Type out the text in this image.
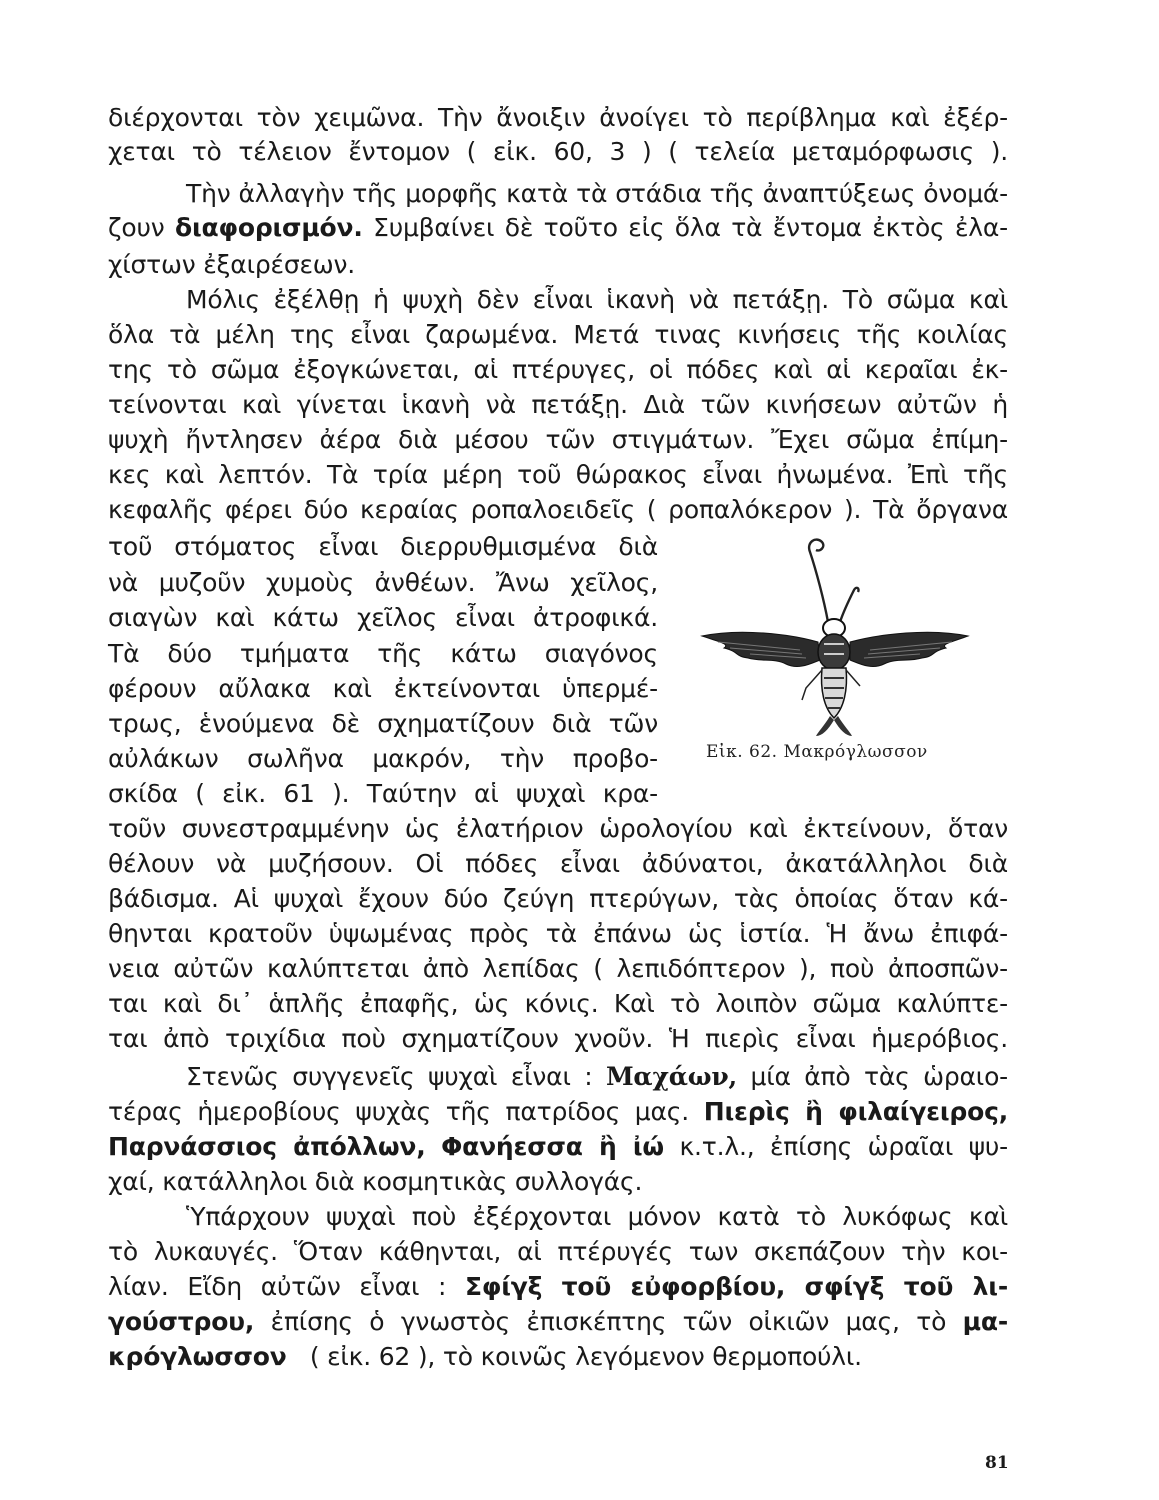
διέρχονται τὸν χειμῶνα. Τὴν ἄνοιξιν ἀνοίγει τὸ περίβλημα καὶ ἐξέρ-

χεται τὸ τέλειον ἔντομον ( εἰκ. 60, 3 ) ( τελεία μεταμόρφωσις ).

Τὴν ἀλλαγὴν τῆς μορφῆς κατὰ τὰ στάδια τῆς ἀναπτύξεως ὀνομά-

ζουν διαφορισμόν. Συμβαίνει δὲ τοῦτο εἰς ὅλα τὰ ἔντομα ἐκτὸς ἐλα-

χίστων ἐξαιρέσεων.

Μόλις ἐξέλθῃ ἡ ψυχὴ δὲν εἶναι ἱκανὴ νὰ πετάξῃ. Τὸ σῶμα καὶ

ὅλα τὰ μέλη της εἶναι ζαρωμένα. Μετά τινας κινήσεις τῆς κοιλίας

της τὸ σῶμα ἐξογκώνεται, αἱ πτέρυγες, οἱ πόδες καὶ αἱ κεραῖαι ἐκ-

τείνονται καὶ γίνεται ἱκανὴ νὰ πετάξῃ. Διὰ τῶν κινήσεων αὐτῶν ἡ

ψυχὴ ἤντλησεν ἀέρα διὰ μέσου τῶν στιγμάτων. Ἔχει σῶμα ἐπίμη-

κες καὶ λεπτόν. Τὰ τρία μέρη τοῦ θώρακος εἶναι ἠνωμένα. Ἐπὶ τῆς

κεφαλῆς φέρει δύο κεραίας ροπαλοειδεῖς ( ροπαλόκερον ). Τὰ ὄργανα

τοῦ στόματος εἶναι διερρυθμισμένα διὰ

νὰ μυζοῦν χυμοὺς ἀνθέων. Ἄνω χεῖλος,

σιαγὼν καὶ κάτω χεῖλος εἶναι ἀτροφικά.

Τὰ δύο τμήματα τῆς κάτω σιαγόνος

φέρουν αὔλακα καὶ ἐκτείνονται ὑπερμέ-

τρως, ἑνούμενα δὲ σχηματίζουν διὰ τῶν

αὐλάκων σωλῆνα μακρόν, τὴν προβο-

σκίδα ( εἰκ. 61 ). Ταύτην αἱ ψυχαὶ κρα-

τοῦν συνεστραμμένην ὡς ἐλατήριον ὡρολογίου καὶ ἐκτείνουν, ὅταν

θέλουν νὰ μυζήσουν. Οἱ πόδες εἶναι ἀδύνατοι, ἀκατάλληλοι διὰ

βάδισμα. Αἱ ψυχαὶ ἔχουν δύο ζεύγη πτερύγων, τὰς ὁποίας ὅταν κά-

θηνται κρατοῦν ὑψωμένας πρὸς τὰ ἐπάνω ὡς ἱστία. Ἡ ἄνω ἐπιφά-

νεια αὐτῶν καλύπτεται ἀπὸ λεπίδας ( λεπιδόπτερον ), ποὺ ἀποσπῶν-

ται καὶ δι᾽ ἁπλῆς ἐπαφῆς, ὡς κόνις. Καὶ τὸ λοιπὸν σῶμα καλύπτε-

ται ἀπὸ τριχίδια ποὺ σχηματίζουν χνοῦν. Ἡ πιερὶς εἶναι ἡμερόβιος.

Στενῶς συγγενεῖς ψυχαὶ εἶναι : Μαχάων, μία ἀπὸ τὰς ὡραιο-

τέρας ἡμεροβίους ψυχὰς τῆς πατρίδος μας. Πιερὶς ἢ φιλαίγειρος,

Παρνάσσιος ἀπόλλων, Φανήεσσα ἢ ἰώ κ.τ.λ., ἐπίσης ὡραῖαι ψυ-

χαί, κατάλληλοι διὰ κοσμητικὰς συλλογάς.

Ὑπάρχουν ψυχαὶ ποὺ ἐξέρχονται μόνον κατὰ τὸ λυκόφως καὶ

τὸ λυκαυγές. Ὅταν κάθηνται, αἱ πτέρυγές των σκεπάζουν τὴν κοι-

λίαν. Εἴδη αὐτῶν εἶναι : Σφίγξ τοῦ εὐφορβίου, σφίγξ τοῦ λι-

γούστρου, ἐπίσης ὁ γνωστὸς ἐπισκέπτης τῶν οἰκιῶν μας, τὸ μα-

κρόγλωσσον ( εἰκ. 62 ), τὸ κοινῶς λεγόμενον θερμοπούλι.

Εἰκ. 62. Μακρόγλωσσον

81
